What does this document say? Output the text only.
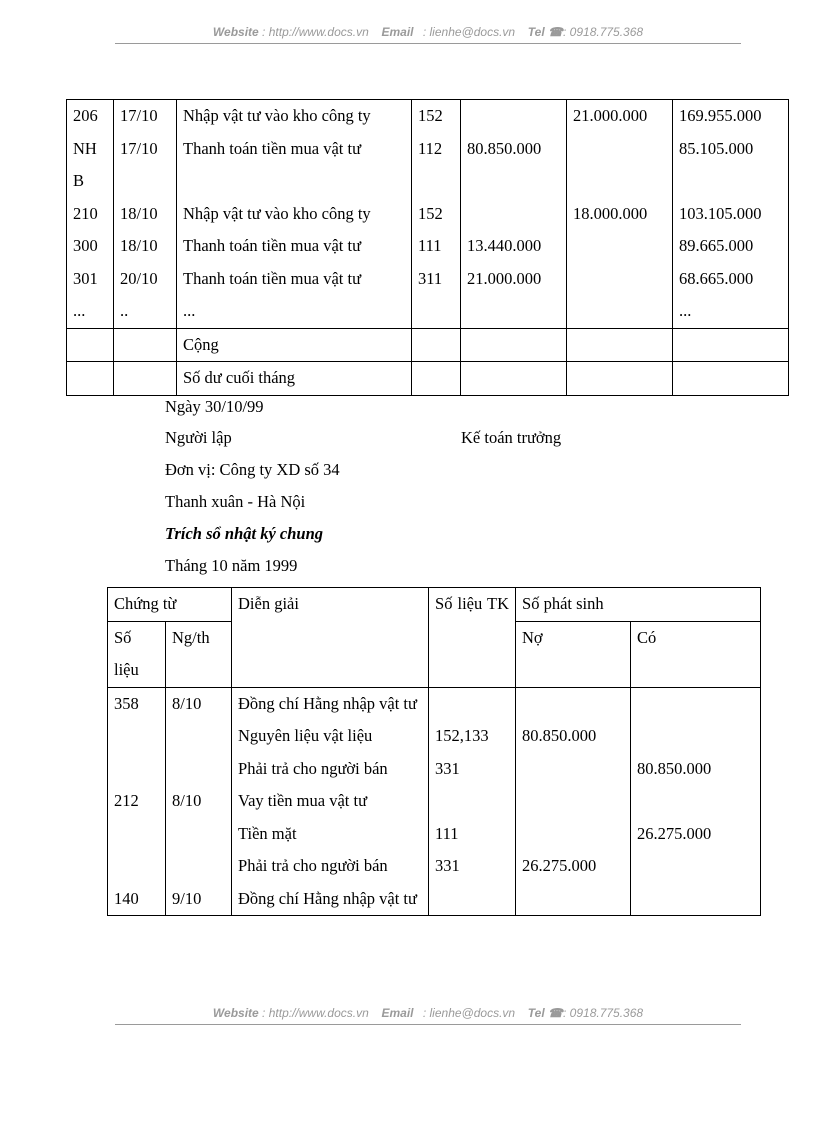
Website : http://www.docs.vn Email : lienhe@docs.vn Tel ☎: 0918.775.368
206	17/10	Nhập vật tư vào kho công ty	152		21.000.000	169.955.000
NH B	17/10	Thanh toán tiền mua vật tư	112	80.850.000		85.105.000
210	18/10	Nhập vật tư vào kho công ty	152		18.000.000	103.105.000
300	18/10	Thanh toán tiền mua vật tư	111	13.440.000		89.665.000
301	20/10	Thanh toán tiền mua vật tư	311	21.000.000		68.665.000
...	..	...				...
		Cộng				
		Số dư cuối tháng				
Ngày 30/10/99
Người lập	Kế toán trưởng
Đơn vị: Công ty XD số 34
Thanh xuân - Hà Nội
Trích sổ nhật ký chung
Tháng 10 năm 1999
Chứng từ		Diễn giải	Số liệu TK	Số phát sinh	
Số liệu	Ng/th			Nợ	Có
358	8/10	Đồng chí Hằng nhập vật tư			
		Nguyên liệu vật liệu	152,133	80.850.000	
		Phải trả cho người bán	331		80.850.000
212	8/10	Vay tiền mua vật tư			
		Tiền mặt	111		26.275.000
		Phải trả cho người bán	331	26.275.000	
140	9/10	Đồng chí Hằng nhập vật tư			
Website : http://www.docs.vn Email : lienhe@docs.vn Tel ☎: 0918.775.368
